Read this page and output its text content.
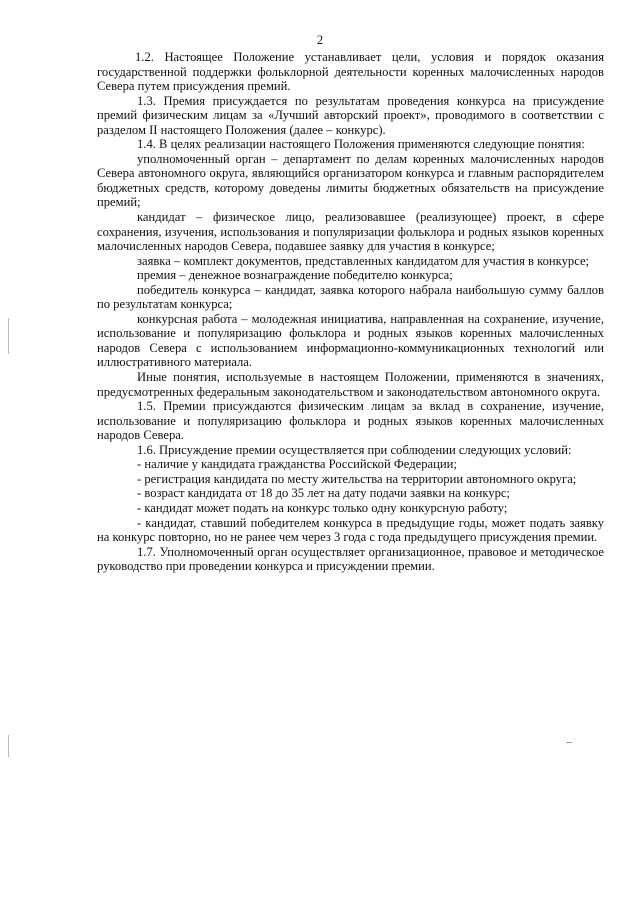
2

1.2. Настоящее Положение устанавливает цели, условия и порядок оказания государственной поддержки фольклорной деятельности коренных малочисленных народов Севера путем присуждения премий.

1.3. Премия присуждается по результатам проведения конкурса на присуждение премий физическим лицам за «Лучший авторский проект», проводимого в соответствии с разделом II настоящего Положения (далее – конкурс).

1.4. В целях реализации настоящего Положения применяются следующие понятия:

уполномоченный орган – департамент по делам коренных малочисленных народов Севера автономного округа, являющийся организатором конкурса и главным распорядителем бюджетных средств, которому доведены лимиты бюджетных обязательств на присуждение премий;

кандидат – физическое лицо, реализовавшее (реализующее) проект, в сфере сохранения, изучения, использования и популяризации фольклора и родных языков коренных малочисленных народов Севера, подавшее заявку для участия в конкурсе;

заявка – комплект документов, представленных кандидатом для участия в конкурсе;

премия – денежное вознаграждение победителю конкурса;

победитель конкурса – кандидат, заявка которого набрала наибольшую сумму баллов по результатам конкурса;

конкурсная работа – молодежная инициатива, направленная на сохранение, изучение, использование и популяризацию фольклора и родных языков коренных малочисленных народов Севера с использованием информационно-коммуникационных технологий или иллюстративного материала.

Иные понятия, используемые в настоящем Положении, применяются в значениях, предусмотренных федеральным законодательством и законодательством автономного округа.

1.5. Премии присуждаются физическим лицам за вклад в сохранение, изучение, использование и популяризацию фольклора и родных языков коренных малочисленных народов Севера.

1.6. Присуждение премии осуществляется при соблюдении следующих условий:

- наличие у кандидата гражданства Российской Федерации;

- регистрация кандидата по месту жительства на территории автономного округа;

- возраст кандидата от 18 до 35 лет на дату подачи заявки на конкурс;

- кандидат может подать на конкурс только одну конкурсную работу;

- кандидат, ставший победителем конкурса в предыдущие годы, может подать заявку на конкурс повторно, но не ранее чем через 3 года с года предыдущего присуждения премии.

1.7. Уполномоченный орган осуществляет организационное, правовое и методическое руководство при проведении конкурса и присуждении премии.
